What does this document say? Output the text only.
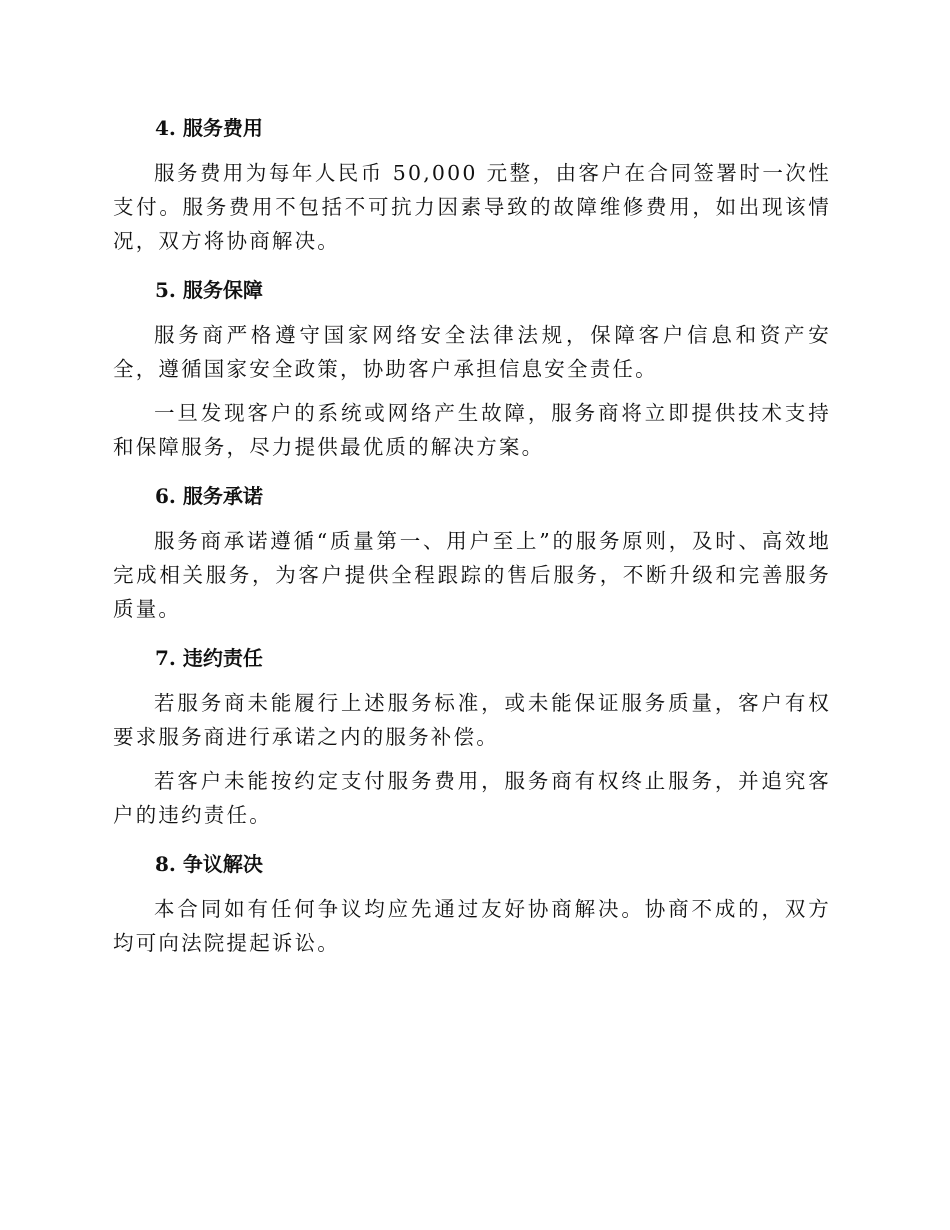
4. 服务费用

服务费用为每年人民币 50,000 元整，由客户在合同签署时一次性支付。服务费用不包括不可抗力因素导致的故障维修费用，如出现该情况，双方将协商解决。

5. 服务保障

服务商严格遵守国家网络安全法律法规，保障客户信息和资产安全，遵循国家安全政策，协助客户承担信息安全责任。

一旦发现客户的系统或网络产生故障，服务商将立即提供技术支持和保障服务，尽力提供最优质的解决方案。

6. 服务承诺

服务商承诺遵循“质量第一、用户至上”的服务原则，及时、高效地完成相关服务，为客户提供全程跟踪的售后服务，不断升级和完善服务质量。

7. 违约责任

若服务商未能履行上述服务标准，或未能保证服务质量，客户有权要求服务商进行承诺之内的服务补偿。

若客户未能按约定支付服务费用，服务商有权终止服务，并追究客户的违约责任。

8. 争议解决

本合同如有任何争议均应先通过友好协商解决。协商不成的，双方均可向法院提起诉讼。
